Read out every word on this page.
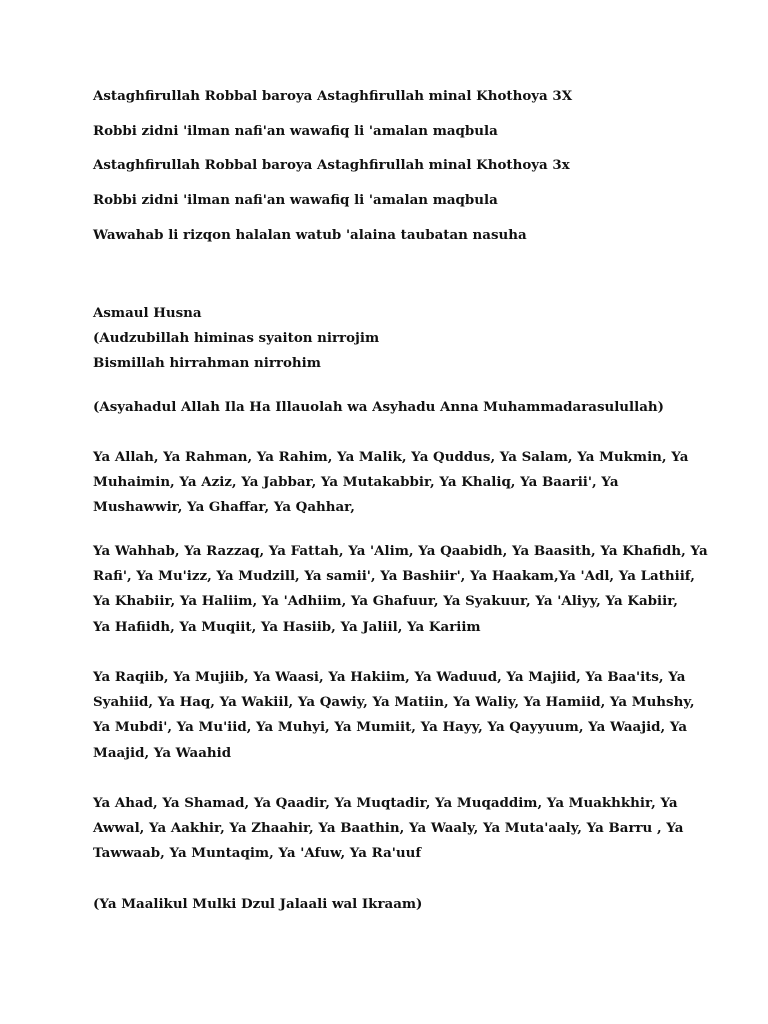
Astaghfirullah Robbal baroya Astaghfirullah minal Khothoya 3X

Robbi zidni 'ilman nafi'an wawafiq li 'amalan maqbula

Astaghfirullah Robbal baroya Astaghfirullah minal Khothoya 3x

Robbi zidni 'ilman nafi'an wawafiq li 'amalan maqbula

Wawahab li rizqon halalan watub 'alaina taubatan nasuha

Asmaul Husna

(Audzubillah himinas syaiton nirrojim

Bismillah hirrahman nirrohim

(Asyahadul Allah Ila Ha Illauolah wa Asyhadu Anna Muhammadarasulullah)

Ya Allah, Ya Rahman, Ya Rahim, Ya Malik, Ya Quddus, Ya Salam, Ya Mukmin, Ya
Muhaimin, Ya Aziz, Ya Jabbar, Ya Mutakabbir, Ya Khaliq, Ya Baarii', Ya
Mushawwir, Ya Ghaffar, Ya Qahhar,
Ya Wahhab, Ya Razzaq, Ya Fattah, Ya 'Alim, Ya Qaabidh, Ya Baasith, Ya Khafidh, Ya
Rafi', Ya Mu'izz, Ya Mudzill, Ya samii', Ya Bashiir', Ya Haakam,Ya 'Adl, Ya Lathiif,
Ya Khabiir, Ya Haliim, Ya 'Adhiim, Ya Ghafuur, Ya Syakuur, Ya 'Aliyy, Ya Kabiir,
Ya Hafiidh, Ya Muqiit, Ya Hasiib, Ya Jaliil, Ya Kariim
Ya Raqiib, Ya Mujiib, Ya Waasi, Ya Hakiim, Ya Waduud, Ya Majiid, Ya Baa'its, Ya
Syahiid, Ya Haq, Ya Wakiil, Ya Qawiy, Ya Matiin, Ya Waliy, Ya Hamiid, Ya Muhshy,
Ya Mubdi', Ya Mu'iid, Ya Muhyi, Ya Mumiit, Ya Hayy, Ya Qayyuum, Ya Waajid, Ya
Maajid, Ya Waahid
Ya Ahad, Ya Shamad, Ya Qaadir, Ya Muqtadir, Ya Muqaddim, Ya Muakhkhir, Ya
Awwal, Ya Aakhir, Ya Zhaahir, Ya Baathin, Ya Waaly, Ya Muta'aaly, Ya Barru , Ya
Tawwaab, Ya Muntaqim, Ya 'Afuw, Ya Ra'uuf

(Ya Maalikul Mulki Dzul Jalaali wal Ikraam)
